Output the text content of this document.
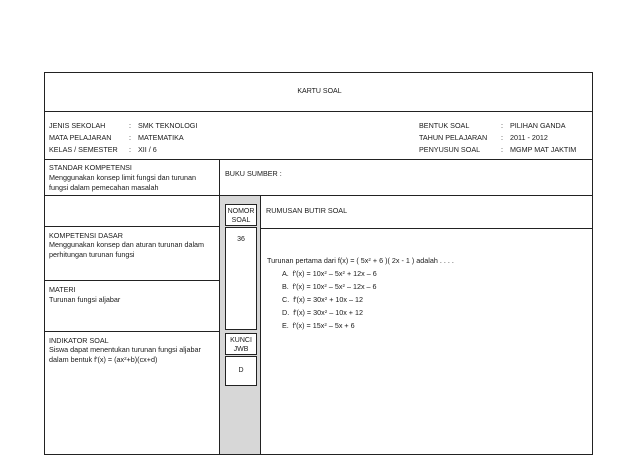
KARTU SOAL
JENIS SEKOLAH	: SMK TEKNOLOGI
MATA PELAJARAN : MATEMATIKA
KELAS / SEMESTER : XII / 6
BENTUK SOAL	: PILIHAN GANDA
TAHUN PELAJARAN : 2011 - 2012
PENYUSUN SOAL	: MGMP MAT JAKTIM
STANDAR KOMPETENSI
Menggunakan konsep limit fungsi dan turunan fungsi dalam pemecahan masalah
BUKU SUMBER :
NOMOR
SOAL
36
KUNCI
JWB
D
RUMUSAN BUTIR SOAL
KOMPETENSI DASAR
Menggunakan konsep dan aturan turunan dalam perhitungan turunan fungsi
MATERI
Turunan fungsi aljabar
INDIKATOR SOAL
Siswa dapat menentukan turunan fungsi aljabar dalam bentuk $f'(x) = (ax^2+b)(cx+d)$
Turunan pertama dari f(x) = ( $5x^2 + 6$ )( 2x - 1 ) adalah . . . .
A. $f'(x) = 10x^2 - 5x^2 + 12x - 6$
B. $f'(x) = 10x^2 - 5x^2 - 12x - 6$
C. $f'(x) = 30x^2 + 10x - 12$
D. $f'(x) = 30x^2 - 10x + 12$
E. $f'(x) = 15x^2 - 5x + 6$
